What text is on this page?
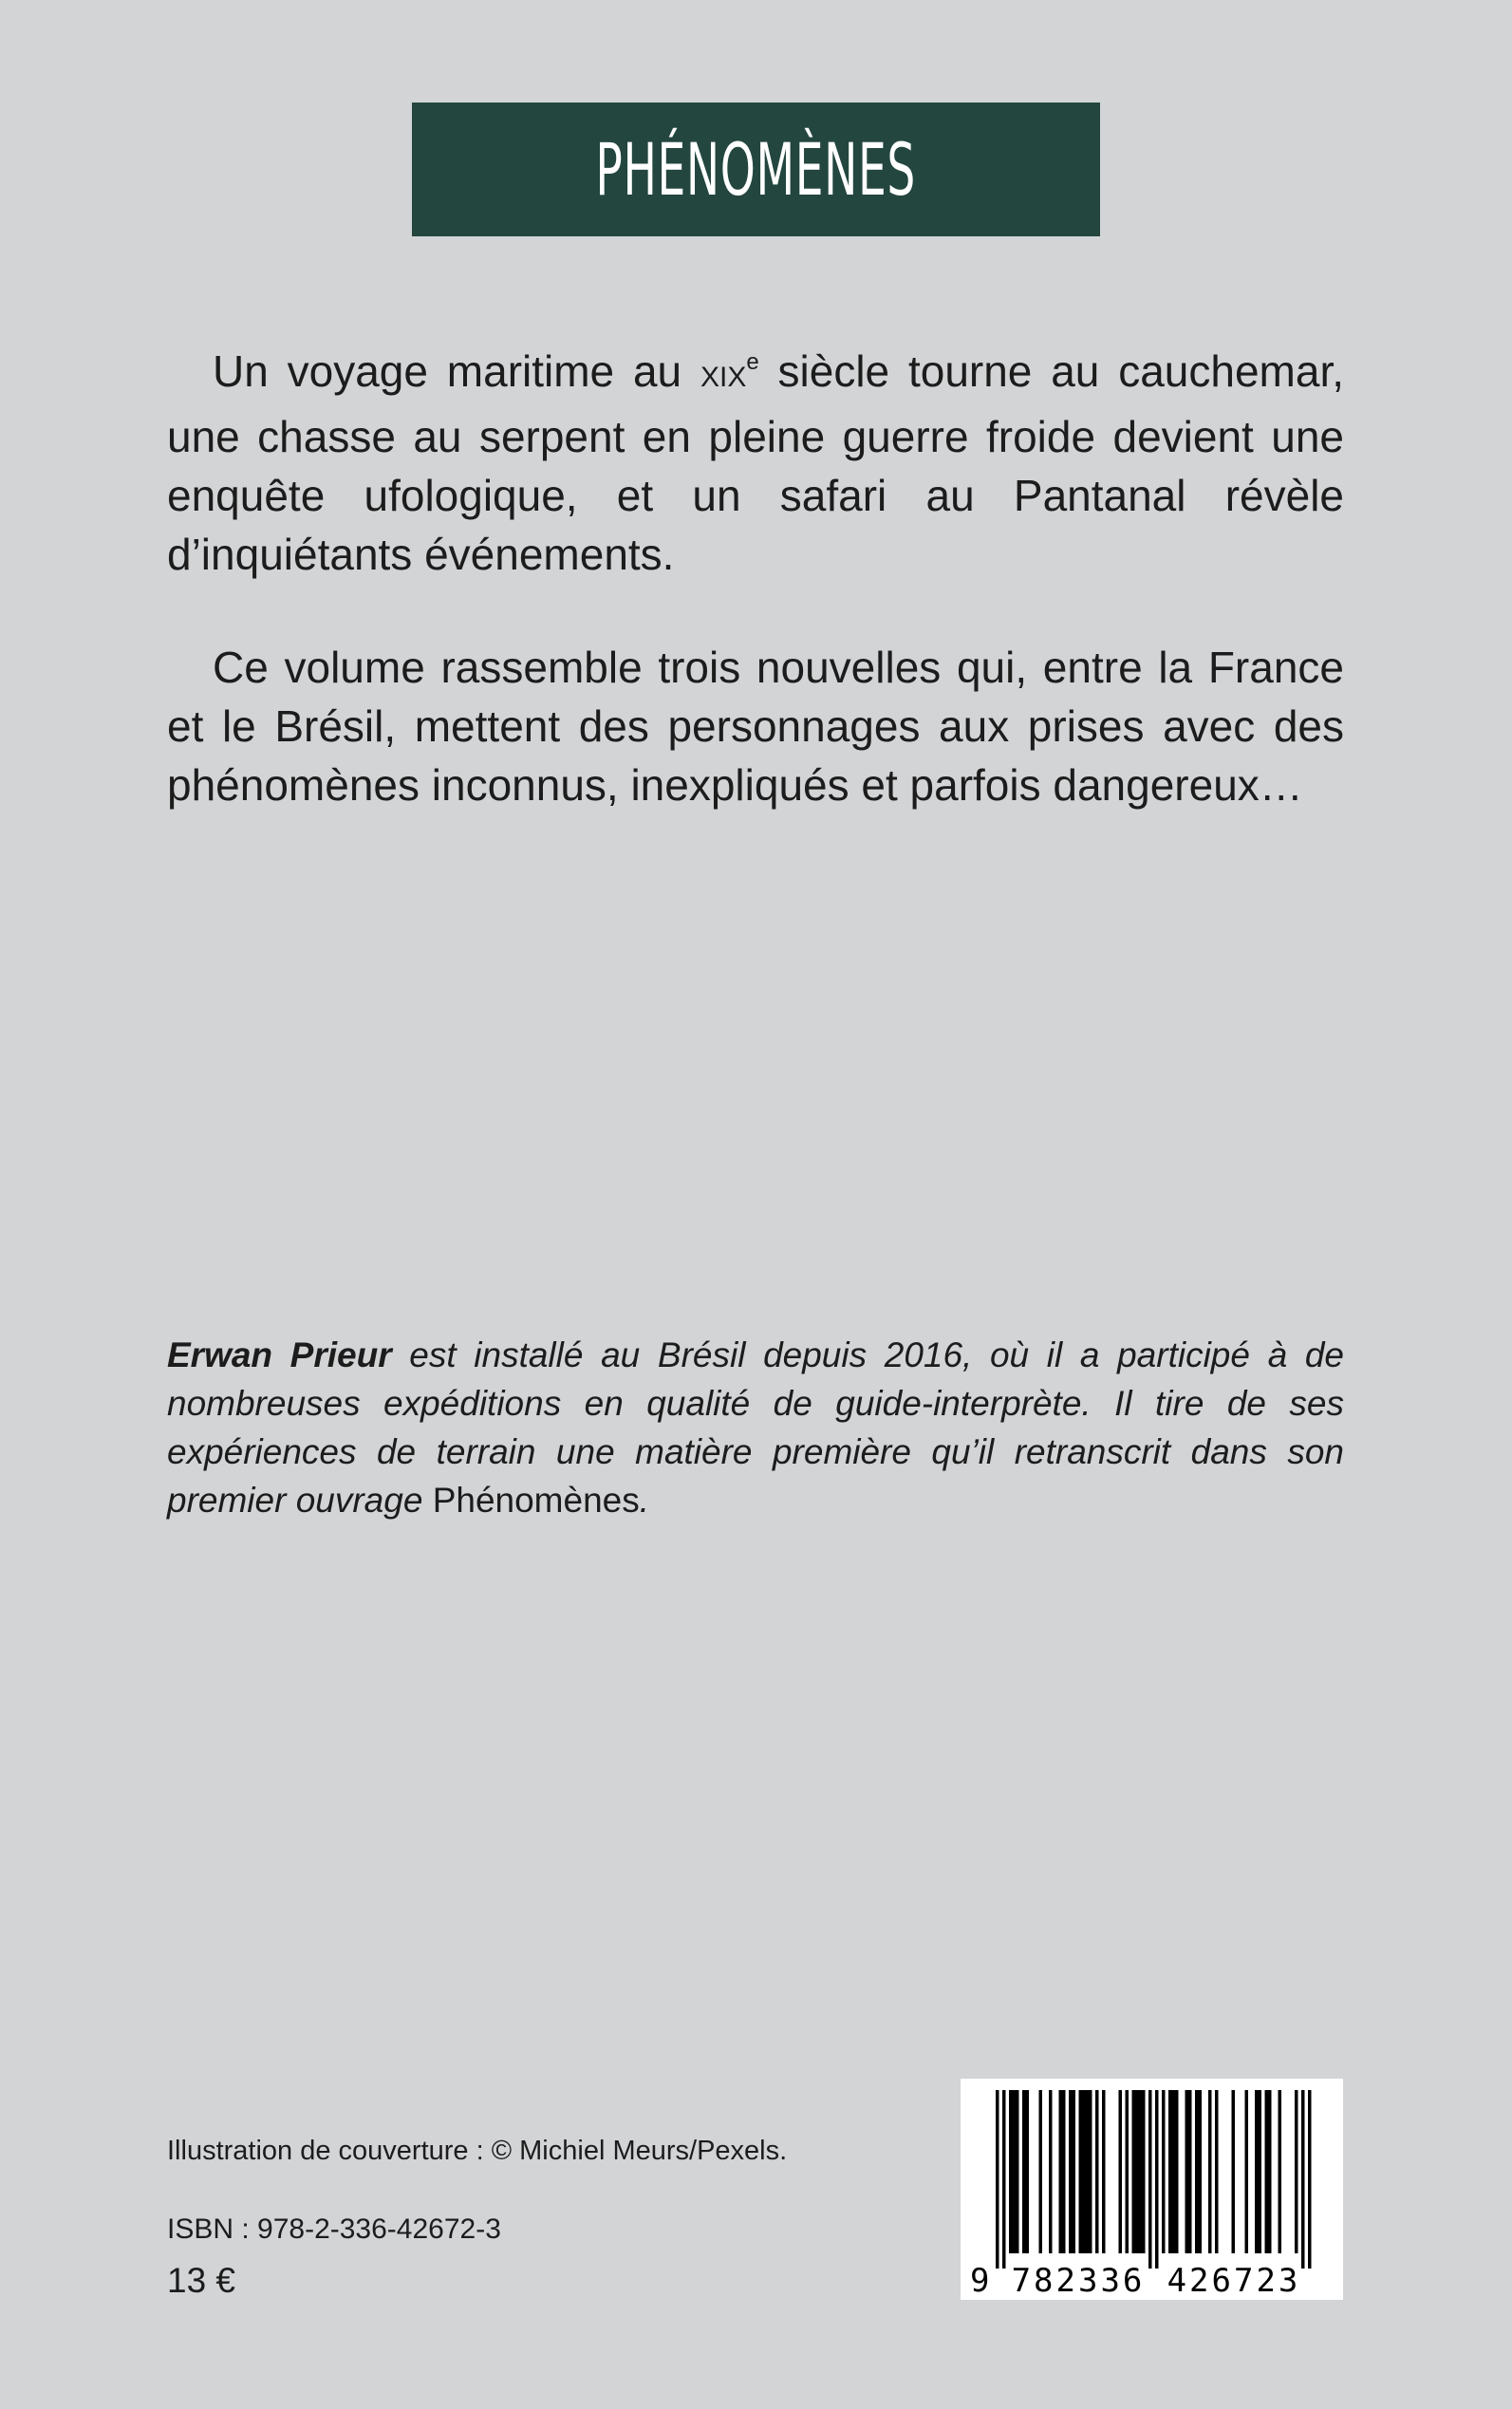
PHÉNOMÈNES

Un voyage maritime au XIXe siècle tourne au cauchemar, une chasse au serpent en pleine guerre froide devient une enquête ufologique, et un safari au Pantanal révèle d’inquiétants événements.

Ce volume rassemble trois nouvelles qui, entre la France et le Brésil, mettent des personnages aux prises avec des phénomènes inconnus, inexpliqués et parfois dangereux…

Erwan Prieur est installé au Brésil depuis 2016, où il a participé à de nombreuses expéditions en qualité de guide-interprète. Il tire de ses expériences de terrain une matière première qu’il retranscrit dans son premier ouvrage Phénomènes.

Illustration de couverture : © Michiel Meurs/Pexels.
ISBN : 978-2-336-42672-3
13 €	9 782336 426723
